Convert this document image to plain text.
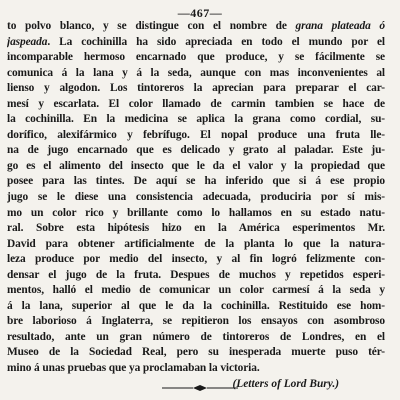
—467—
to polvo blanco, y se distingue con el nombre de grana plateada ó
jaspeada. La cochinilla ha sido apreciada en todo el mundo por el
incomparable hermoso encarnado que produce, y se fácilmente se
comunica á la lana y á la seda, aunque con mas inconvenientes al
lienso y algodon. Los tintoreros la aprecian para preparar el car-
mesí y escarlata. El color llamado de carmin tambien se hace de
la cochinilla. En la medicina se aplica la grana como cordial, su-
dorífico, alexifármico y febrífugo. El nopal produce una fruta lle-
na de jugo encarnado que es delicado y grato al paladar. Este ju-
go es el alimento del insecto que le da el valor y la propiedad que
posee para las tintes. De aquí se ha inferido que si á ese propio
jugo se le diese una consistencia adecuada, produciria por sí mis-
mo un color rico y brillante como lo hallamos en su estado natu-
ral. Sobre esta hipótesis hizo en la América esperimentos Mr.
David para obtener artificialmente de la planta lo que la natura-
leza produce por medio del insecto, y al fin logró felizmente con-
densar el jugo de la fruta. Despues de muchos y repetidos esperi-
mentos, halló el medio de comunicar un color carmesí á la seda y
á la lana, superior al que le da la cochinilla. Restituido ese hom-
bre laborioso á Inglaterra, se repitieron los ensayos con asombroso
resultado, ante un gran número de tintoreros de Londres, en el
Museo de la Sociedad Real, pero su inesperada muerte puso tér-
mino á unas pruebas que ya proclamaban la victoria.
(Letters of Lord Bury.)
